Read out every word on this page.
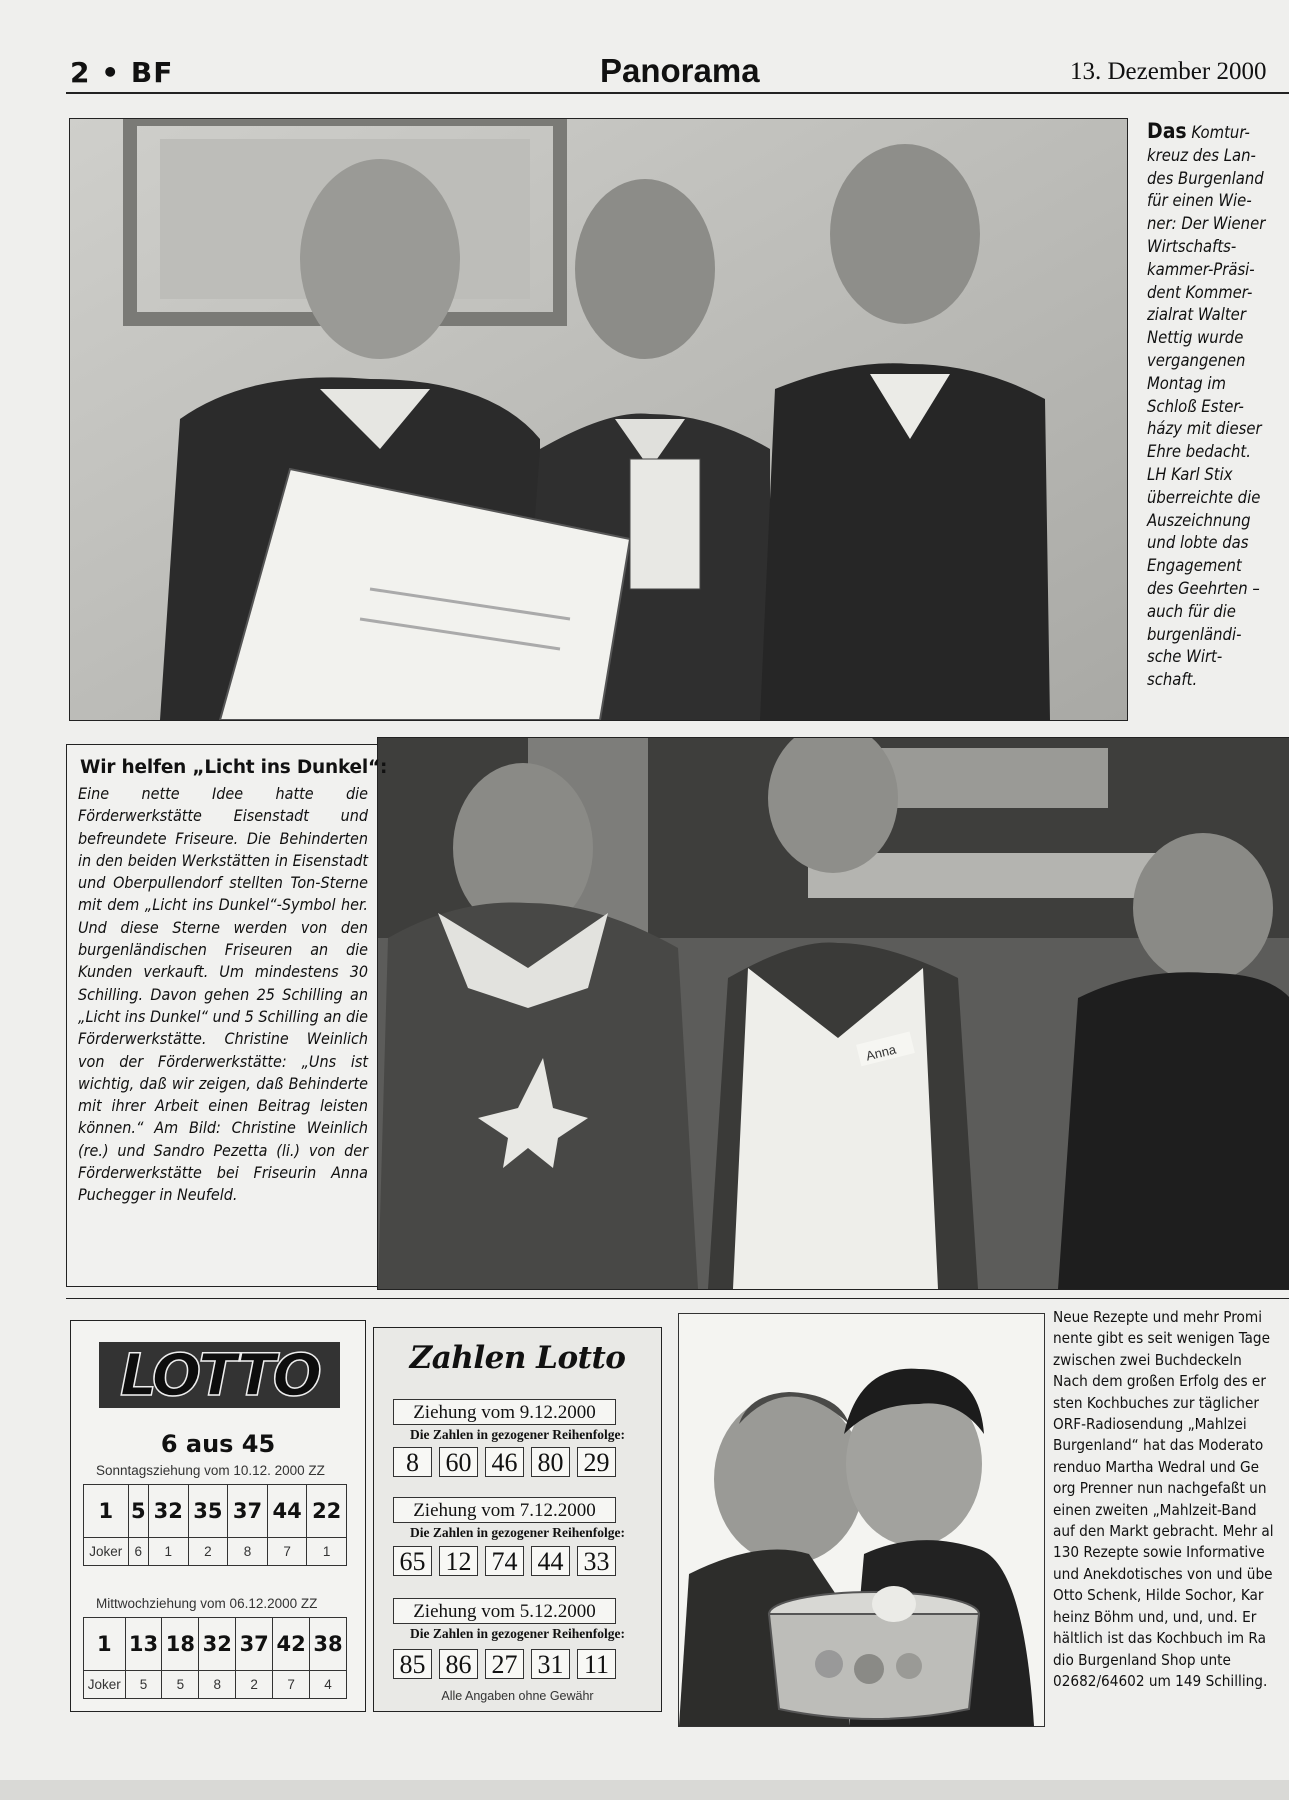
2 • BF	Panorama	13. Dezember 2000
Das Komtur-
kreuz des Lan-
des Burgenland
für einen Wie-
ner: Der Wiener
Wirtschafts-
kammer-Präsi-
dent Kommer-
zialrat Walter
Nettig wurde
vergangenen
Montag im
Schloß Ester-
házy mit dieser
Ehre bedacht.
LH Karl Stix
überreichte die
Auszeichnung
und lobte das
Engagement
des Geehrten –
auch für die
burgenländi-
sche Wirt-
schaft.
Anna
Wir helfen „Licht ins Dunkel“:
Eine nette Idee hatte die Förderwerkstätte Eisenstadt und befreundete Friseure. Die Behinderten in den beiden Werkstätten in Eisenstadt und Oberpullendorf stellten Ton-Sterne mit dem „Licht ins Dunkel“-Symbol her. Und diese Sterne werden von den burgenländischen Friseuren an die Kunden verkauft. Um mindestens 30 Schilling. Davon gehen 25 Schilling an „Licht ins Dunkel“ und 5 Schilling an die Förderwerkstätte. Christine Weinlich von der Förderwerkstätte: „Uns ist wichtig, daß wir zeigen, daß Behinderte mit ihrer Arbeit einen Beitrag leisten können.“ Am Bild: Christine Weinlich (re.) und Sandro Pezetta (li.) von der Förderwerkstätte bei Friseurin Anna Puchegger in Neufeld.
LOTTO
6 aus 45
Sonntagsziehung vom 10.12. 2000 ZZ
1	5	32	35	37	44	22
Joker	6	1	2	8	7	1
Mittwochziehung vom 06.12.2000 ZZ
1	13	18	32	37	42	38
Joker	5	5	8	2	7	4
Zahlen Lotto
Ziehung vom 9.12.2000
Die Zahlen in gezogener Reihenfolge:
8	60 46 80 29
Ziehung vom 7.12.2000
Die Zahlen in gezogener Reihenfolge:
65 12 74 44 33
Ziehung vom 5.12.2000
Die Zahlen in gezogener Reihenfolge:
85 86 27 31 11
Alle Angaben ohne Gewähr
Neue Rezepte und mehr Promi
nente gibt es seit wenigen Tage
zwischen zwei Buchdeckeln
Nach dem großen Erfolg des er
sten Kochbuches zur täglicher
ORF-Radiosendung „Mahlzei
Burgenland“ hat das Moderato
renduo Martha Wedral und Ge
org Prenner nun nachgefaßt un
einen zweiten „Mahlzeit-Band
auf den Markt gebracht. Mehr al
130 Rezepte sowie Informative
und Anekdotisches von und übe
Otto Schenk, Hilde Sochor, Kar
heinz Böhm und, und, und. Er
hältlich ist das Kochbuch im Ra
dio Burgenland Shop unte
02682/64602 um 149 Schilling.
